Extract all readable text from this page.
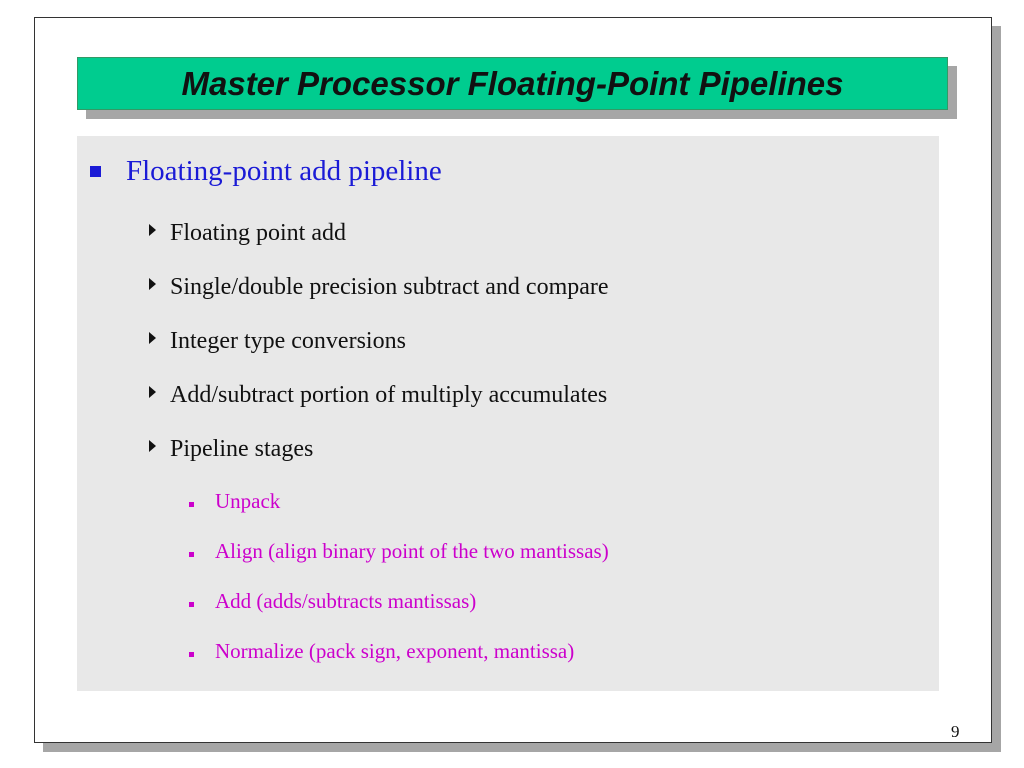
Master Processor Floating-Point Pipelines
Floating-point add pipeline
Floating point add
Single/double precision subtract and compare
Integer type conversions
Add/subtract portion of multiply accumulates
Pipeline stages
Unpack
Align (align binary point of the two mantissas)
Add (adds/subtracts mantissas)
Normalize (pack sign, exponent, mantissa)
9
